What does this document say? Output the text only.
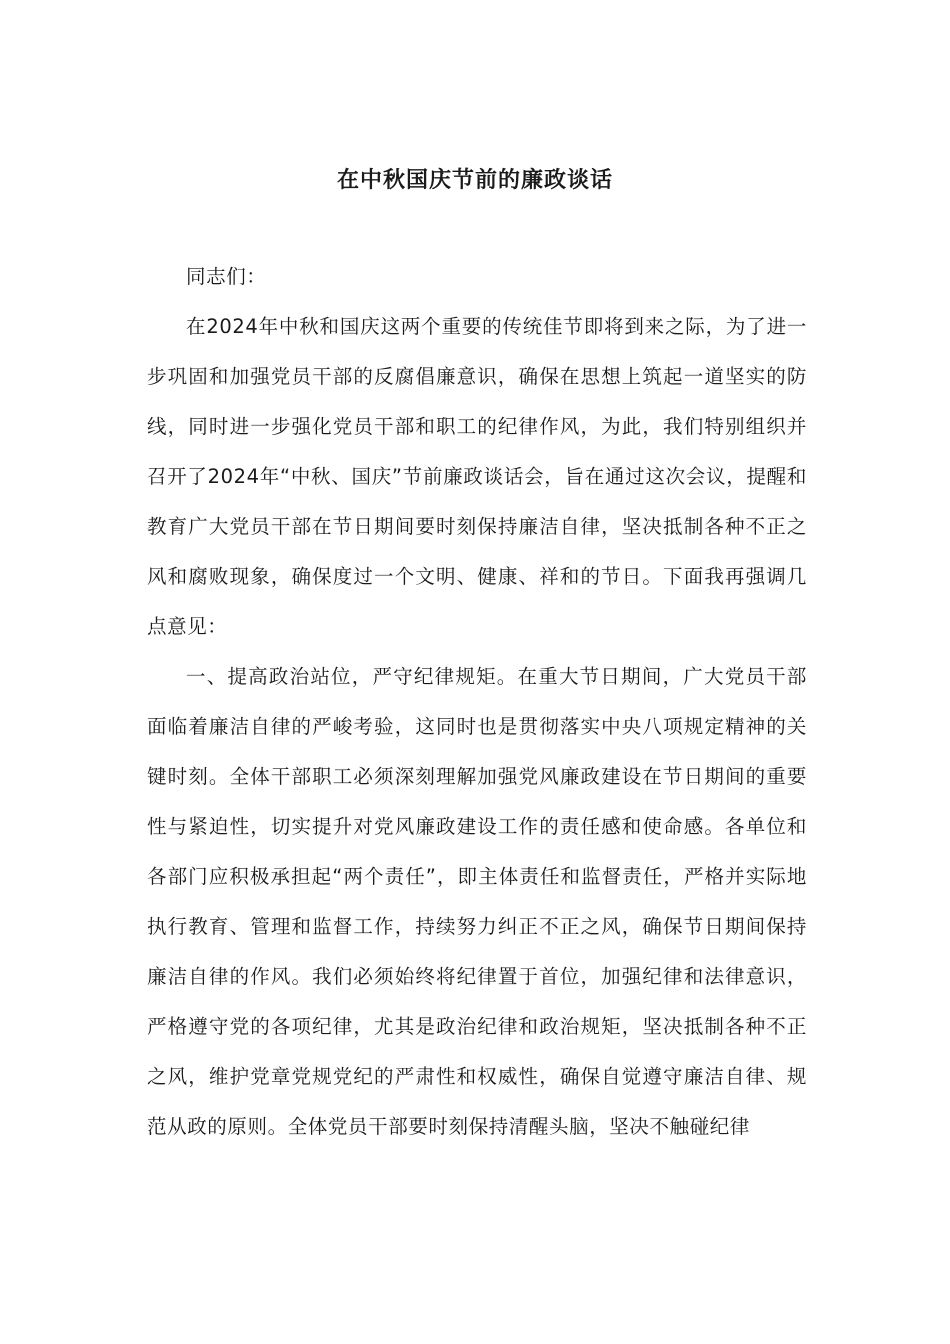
在中秋国庆节前的廉政谈话

同志们：

在2024年中秋和国庆这两个重要的传统佳节即将到来之际，为了进一步巩固和加强党员干部的反腐倡廉意识，确保在思想上筑起一道坚实的防线，同时进一步强化党员干部和职工的纪律作风，为此，我们特别组织并召开了2024年“中秋、国庆”节前廉政谈话会，旨在通过这次会议，提醒和教育广大党员干部在节日期间要时刻保持廉洁自律，坚决抵制各种不正之风和腐败现象，确保度过一个文明、健康、祥和的节日。下面我再强调几点意见：

一、提高政治站位，严守纪律规矩。在重大节日期间，广大党员干部面临着廉洁自律的严峻考验，这同时也是贯彻落实中央八项规定精神的关键时刻。全体干部职工必须深刻理解加强党风廉政建设在节日期间的重要性与紧迫性，切实提升对党风廉政建设工作的责任感和使命感。各单位和各部门应积极承担起“两个责任”，即主体责任和监督责任，严格并实际地执行教育、管理和监督工作，持续努力纠正不正之风，确保节日期间保持廉洁自律的作风。我们必须始终将纪律置于首位，加强纪律和法律意识，严格遵守党的各项纪律，尤其是政治纪律和政治规矩，坚决抵制各种不正之风，维护党章党规党纪的严肃性和权威性，确保自觉遵守廉洁自律、规范从政的原则。全体党员干部要时刻保持清醒头脑，坚决不触碰纪律
